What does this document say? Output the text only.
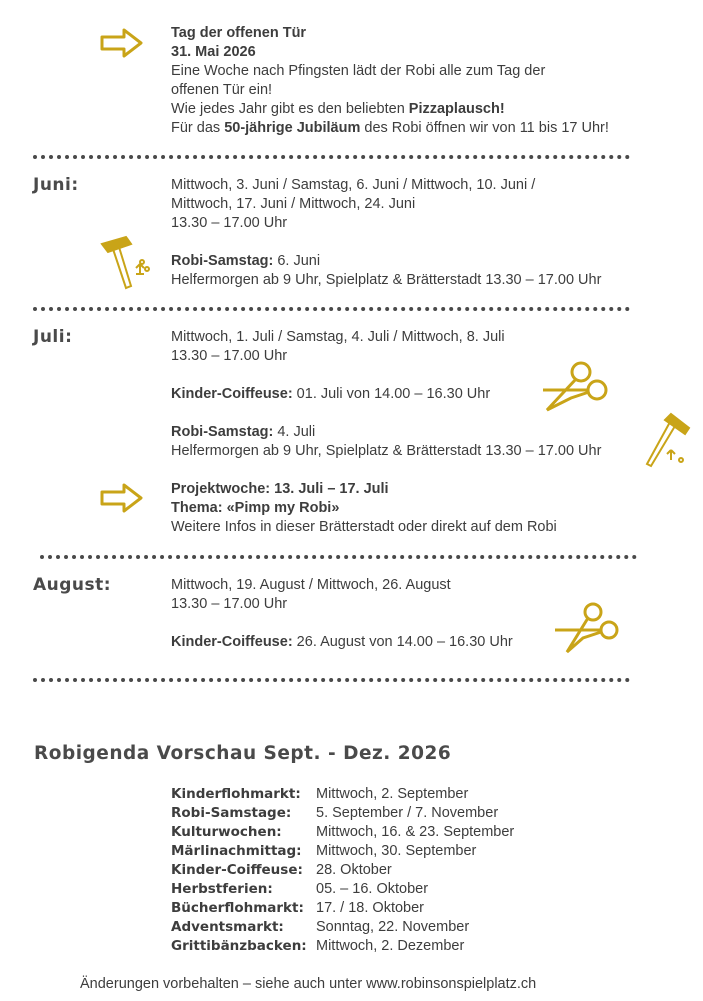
Tag der offenen Tür
31. Mai 2026
Eine Woche nach Pfingsten lädt der Robi alle zum Tag der
offenen Tür ein!
Wie jedes Jahr gibt es den beliebten Pizzaplausch!
Für das 50-jährige Jubiläum des Robi öffnen wir von 11 bis 17 Uhr!
Juni:	Mittwoch, 3. Juni / Samstag, 6. Juni / Mittwoch, 10. Juni /
Mittwoch, 17. Juni / Mittwoch, 24. Juni
13.30 – 17.00 Uhr
Robi-Samstag: 6. Juni
Helfermorgen ab 9 Uhr, Spielplatz & Brätterstadt 13.30 – 17.00 Uhr
Juli:	Mittwoch, 1. Juli / Samstag, 4. Juli / Mittwoch, 8. Juli
13.30 – 17.00 Uhr
Kinder-Coiffeuse: 01. Juli von 14.00 – 16.30 Uhr
Robi-Samstag: 4. Juli
Helfermorgen ab 9 Uhr, Spielplatz & Brätterstadt 13.30 – 17.00 Uhr
Projektwoche: 13. Juli – 17. Juli
Thema: «Pimp my Robi»
Weitere Infos in dieser Brätterstadt oder direkt auf dem Robi
August:	Mittwoch, 19. August / Mittwoch, 26. August
13.30 – 17.00 Uhr
Kinder-Coiffeuse: 26. August von 14.00 – 16.30 Uhr
Robigenda Vorschau Sept. - Dez. 2026
Kinderflohmarkt: Mittwoch, 2. September
Robi-Samstage: 5. September / 7. November
Kulturwochen: Mittwoch, 16. & 23. September
Märlinachmittag: Mittwoch, 30. September
Kinder-Coiffeuse: 28. Oktober
Herbstferien:	05. – 16. Oktober
Bücherflohmarkt: 17. / 18. Oktober
Adventsmarkt: Sonntag, 22. November
Grittibänzbacken: Mittwoch, 2. Dezember
Änderungen vorbehalten – siehe auch unter www.robinsonspielplatz.ch
